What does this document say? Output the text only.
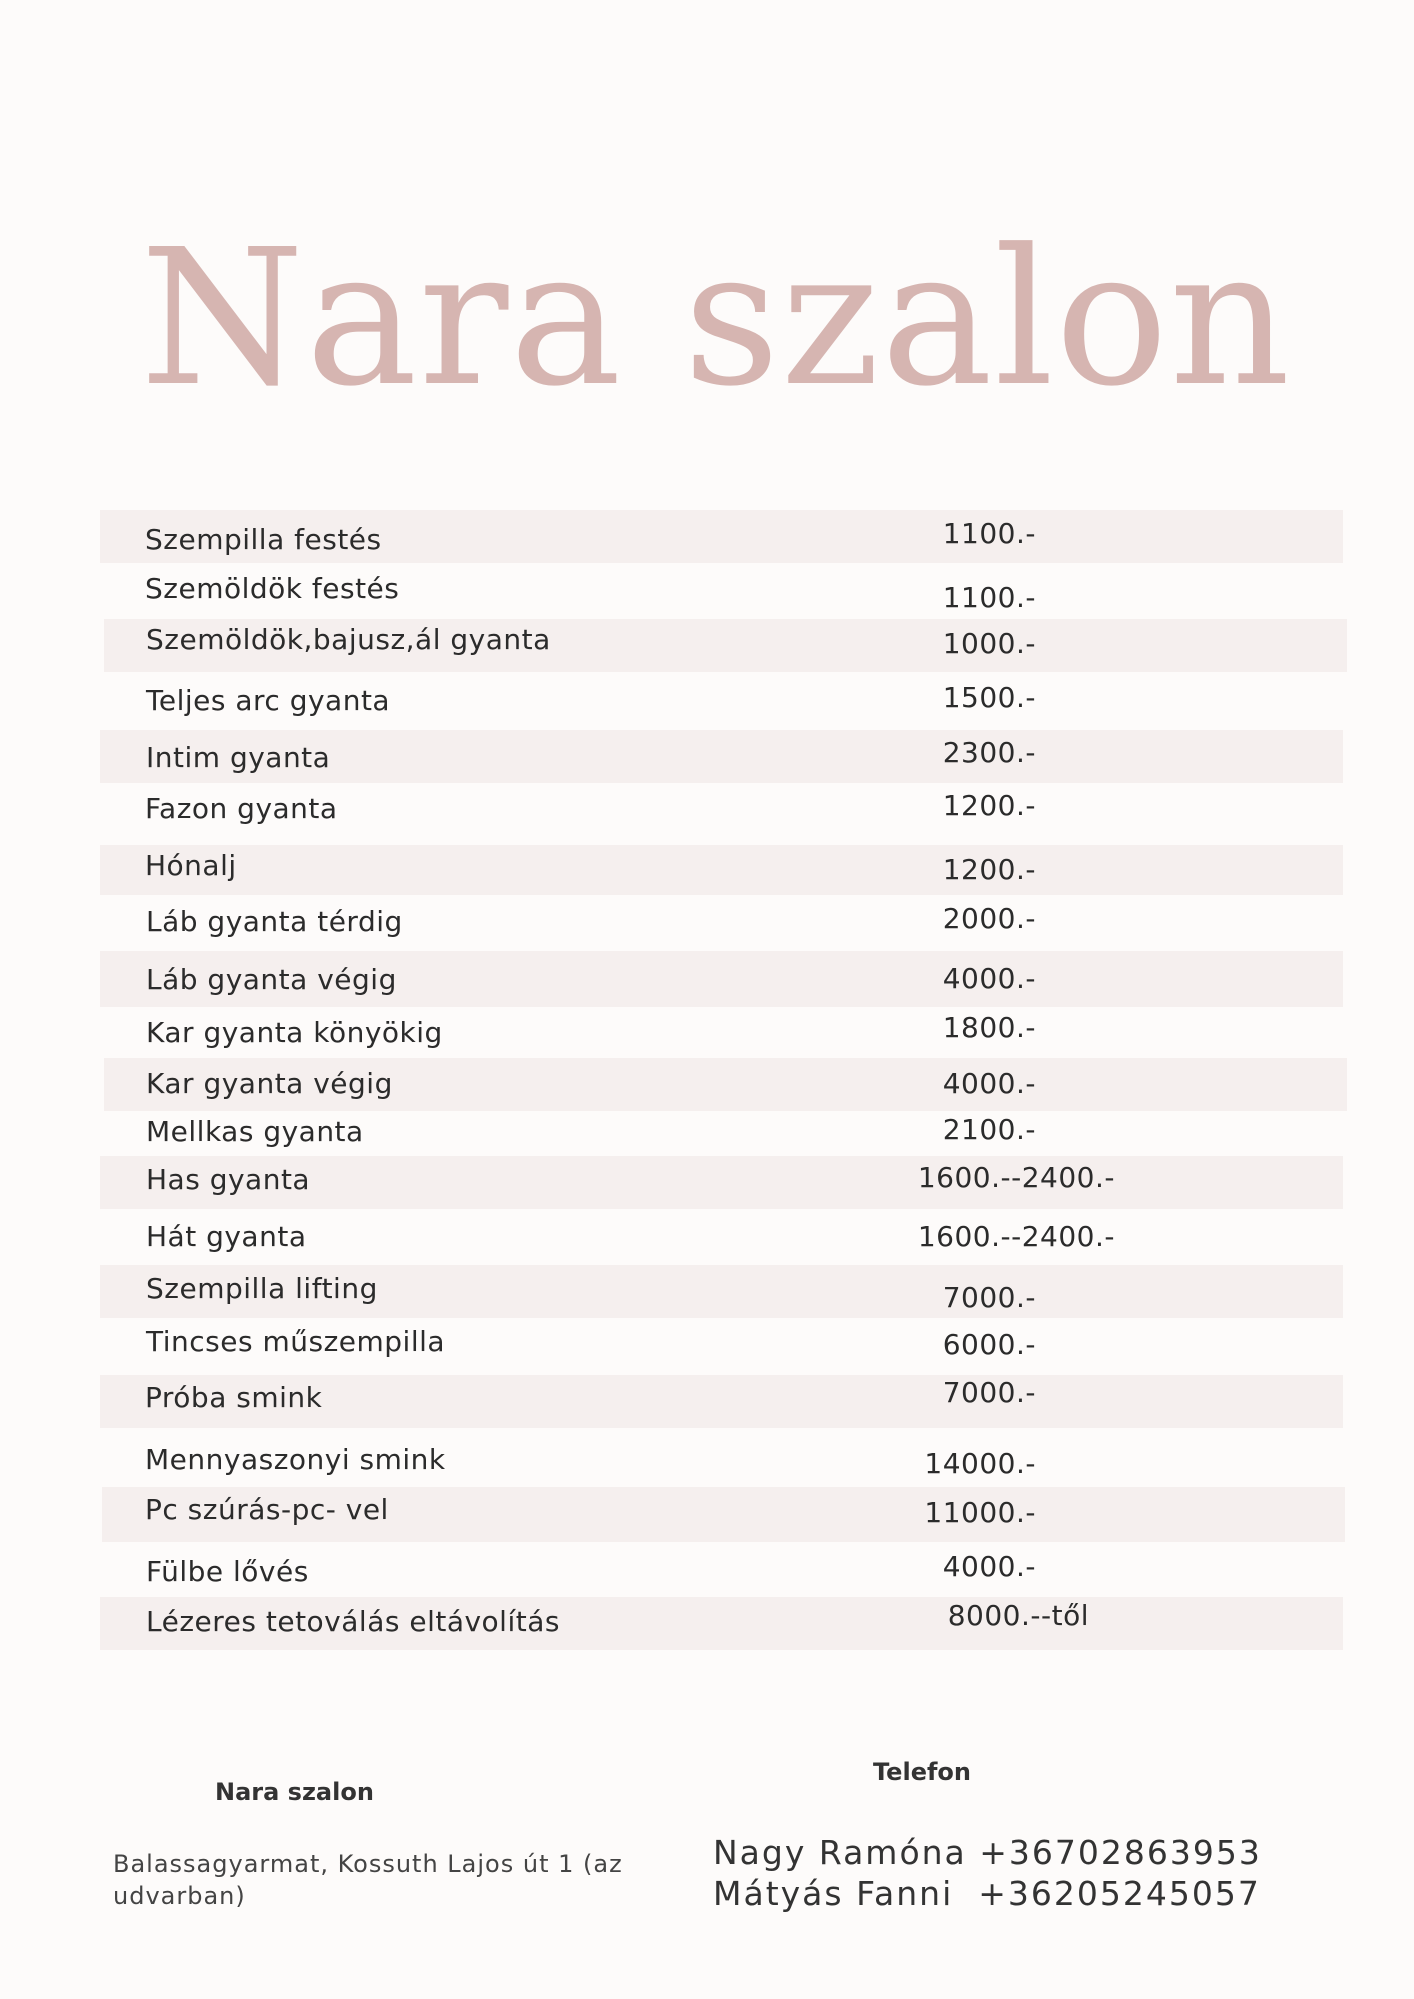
Nara szalon
Szempilla festés	1100.-
Szemöldök festés	1100.-
Szemöldök,bajusz,ál gyanta	1000.-
Teljes arc gyanta	1500.-
Intim gyanta	2300.-
Fazon gyanta	1200.-
Hónalj	1200.-
Láb gyanta térdig	2000.-
Láb gyanta végig	4000.-
Kar gyanta könyökig	1800.-
Kar gyanta végig	4000.-
Mellkas gyanta	2100.-
Has gyanta	1600.--2400.-
Hát gyanta	1600.--2400.-
Szempilla lifting	7000.-
Tincses műszempilla	6000.-
Próba smink	7000.-
Mennyaszonyi smink	14000.-
Pc szúrás-pc- vel	11000.-
Fülbe lővés	4000.-
Lézeres tetoválás eltávolítás	8000.--től
Nara szalon
Balassagyarmat, Kossuth Lajos út 1 (az udvarban)
Telefon
Nagy Ramóna +36702863953
Mátyás Fanni +36205245057
